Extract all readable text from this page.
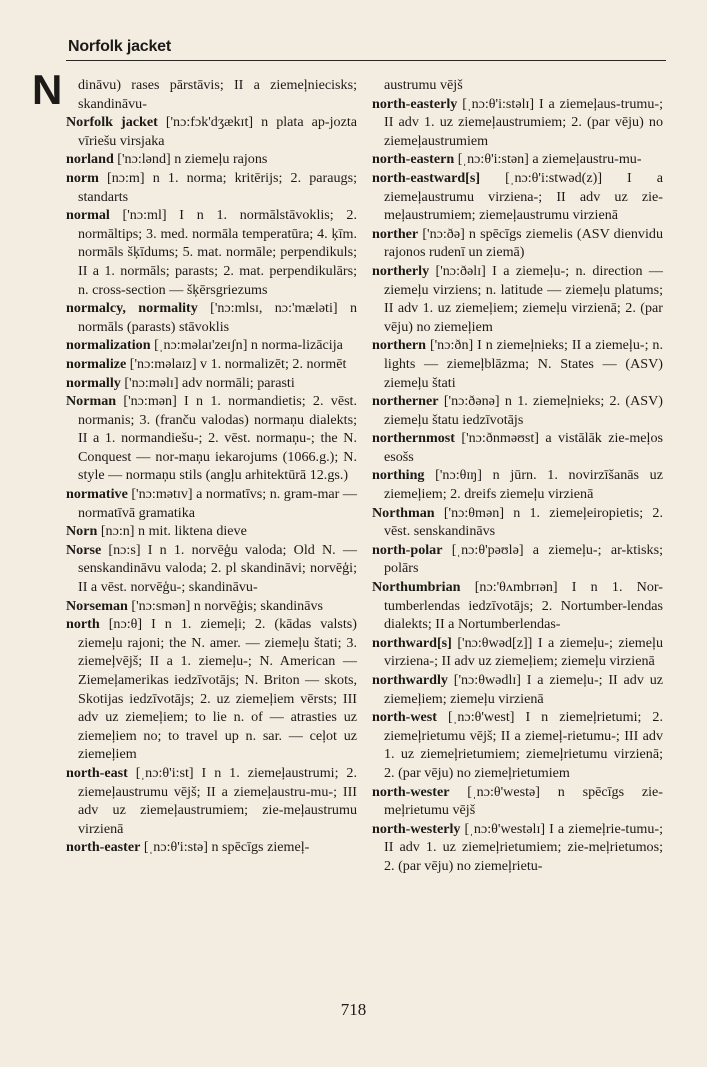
Norfolk jacket
N	dināvu) rases pārstāvis; II a ziemeļniecisks; skandināvu-

Norfolk jacket ['nɔ:fɔk'dʒækɪt] n plata ap-jozta vīriešu virsjaka

norland ['nɔ:lənd] n ziemeļu rajons

norm [nɔ:m] n 1. norma; kritērijs; 2. paraugs; standarts

normal ['nɔ:ml] I n 1. normālstāvoklis; 2. normāltips; 3. med. normāla temperatūra; 4. ķīm. normāls šķīdums; 5. mat. normāle; perpendikuls; II a 1. normāls; parasts; 2. mat. perpendikulārs; n. cross-section — šķērsgriezums

normalcy, normality ['nɔ:mlsɪ, nɔ:'mæləti] n normāls (parasts) stāvoklis

normalization [ˌnɔ:məlaɪ'zeɪʃn] n norma-lizācija

normalize ['nɔ:məlaɪz] v 1. normalizēt; 2. normēt

normally ['nɔ:məlɪ] adv normāli; parasti

Norman ['nɔ:mən] I n 1. normandietis; 2. vēst. normanis; 3. (franču valodas) normaņu dialekts; II a 1. normandiešu-; 2. vēst. normaņu-; the N. Conquest — nor-maņu iekarojums (1066.g.); N. style — normaņu stils (angļu arhitektūrā 12.gs.)

normative ['nɔ:mətɪv] a normatīvs; n. gram-mar — normatīvā gramatika

Norn [nɔ:n] n mit. liktena dieve

Norse [nɔ:s] I n 1. norvēģu valoda; Old N. — senskandināvu valoda; 2. pl skandināvi; norvēģi; II a vēst. norvēģu-; skandināvu-

Norseman ['nɔ:smən] n norvēģis; skandināvs

north [nɔ:θ] I n 1. ziemeļi; 2. (kādas valsts) ziemeļu rajoni; the N. amer. — ziemeļu štati; 3. ziemeļvējš; II a 1. ziemeļu-; N. American — Ziemeļamerikas iedzīvotājs; N. Briton — skots, Skotijas iedzīvotājs; 2. uz ziemeļiem vērsts; III adv uz ziemeļiem; to lie n. of — atrasties uz ziemeļiem no; to travel up n. sar. — ceļot uz ziemeļiem

north-east [ˌnɔ:θ'i:st] I n 1. ziemeļaustrumi; 2. ziemeļaustrumu vējš; II a ziemeļaustru-mu-; III adv uz ziemeļaustrumiem; zie-meļaustrumu virzienā

north-easter [ˌnɔ:θ'i:stə] n spēcīgs ziemeļ-

austrumu vējš

north-easterly [ˌnɔ:θ'i:stəlɪ] I a ziemeļaus-trumu-; II adv 1. uz ziemeļaustrumiem; 2. (par vēju) no ziemeļaustrumiem

north-eastern [ˌnɔ:θ'i:stən] a ziemeļaustru-mu-

north-eastward[s] [ˌnɔ:θ'i:stwəd(z)] I a ziemeļaustrumu virziena-; II adv uz zie-meļaustrumiem; ziemeļaustrumu virzienā

norther ['nɔ:ðə] n spēcīgs ziemelis (ASV dienvidu rajonos rudenī un ziemā)

northerly ['nɔ:ðəlɪ] I a ziemeļu-; n. direction — ziemeļu virziens; n. latitude — ziemeļu platums; II adv 1. uz ziemeļiem; ziemeļu virzienā; 2. (par vēju) no ziemeļiem

northern ['nɔ:ðn] I n ziemeļnieks; II a ziemeļu-; n. lights — ziemeļblāzma; N. States — (ASV) ziemeļu štati

northerner ['nɔ:ðənə] n 1. ziemeļnieks; 2. (ASV) ziemeļu štatu iedzīvotājs

northernmost ['nɔ:ðnməʊst] a vistālāk zie-meļos esošs

northing ['nɔ:θɪŋ] n jūrn. 1. novirzīšanās uz ziemeļiem; 2. dreifs ziemeļu virzienā

Northman ['nɔ:θmən] n 1. ziemeļeiropietis; 2. vēst. senskandināvs

north-polar [ˌnɔ:θ'pəʊlə] a ziemeļu-; ar-ktisks; polārs

Northumbrian [nɔ:'θʌmbrɪən] I n 1. Nor-tumberlendas iedzīvotājs; 2. Nortumber-lendas dialekts; II a Nortumberlendas-

northward[s] ['nɔ:θwəd[z]] I a ziemeļu-; ziemeļu virziena-; II adv uz ziemeļiem; ziemeļu virzienā

northwardly ['nɔ:θwədlɪ] I a ziemeļu-; II adv uz ziemeļiem; ziemeļu virzienā

north-west [ˌnɔ:θ'west] I n ziemeļrietumi; 2. ziemeļrietumu vējš; II a ziemeļ-rietumu-; III adv 1. uz ziemeļrietumiem; ziemeļrietumu virzienā; 2. (par vēju) no ziemeļrietumiem

north-wester [ˌnɔ:θ'westə] n spēcīgs zie-meļrietumu vējš

north-westerly [ˌnɔ:θ'westəlɪ] I a ziemeļrie-tumu-; II adv 1. uz ziemeļrietumiem; zie-meļrietumos; 2. (par vēju) no ziemeļrietu-

718
